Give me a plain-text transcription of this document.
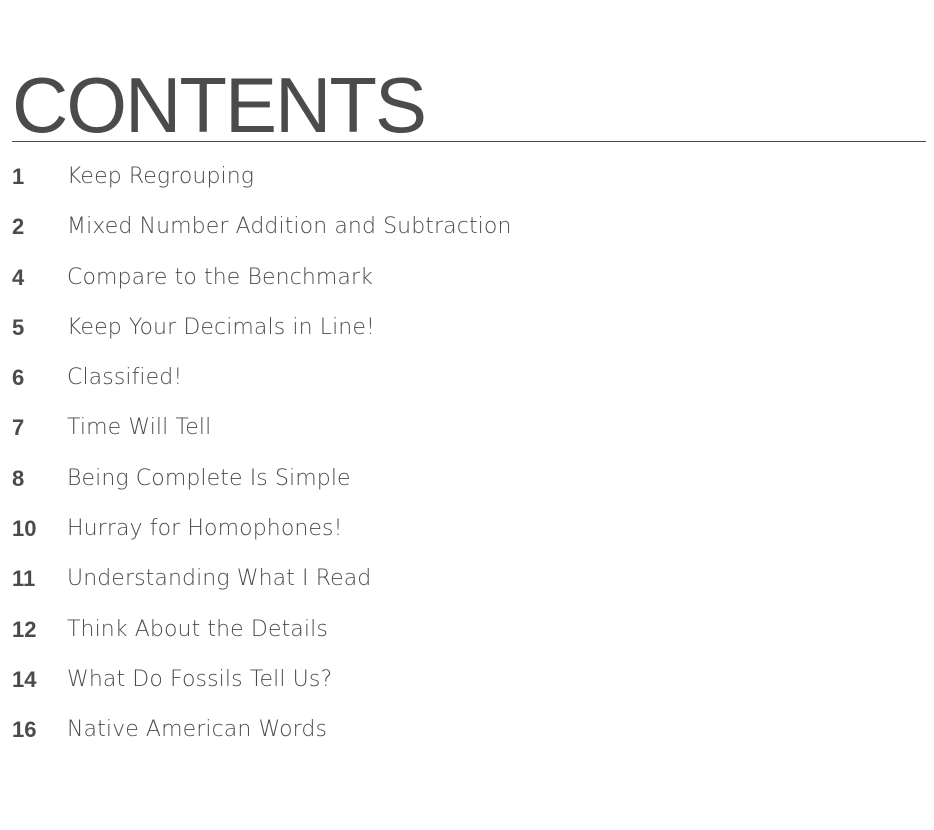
CONTENTS
1	Keep Regrouping
2	Mixed Number Addition and Subtraction
4	Compare to the Benchmark
5	Keep Your Decimals in Line!
6	Classified!
7	Time Will Tell
8	Being Complete Is Simple
10	Hurray for Homophones!
11	Understanding What I Read
12	Think About the Details
14	What Do Fossils Tell Us?
16	Native American Words
